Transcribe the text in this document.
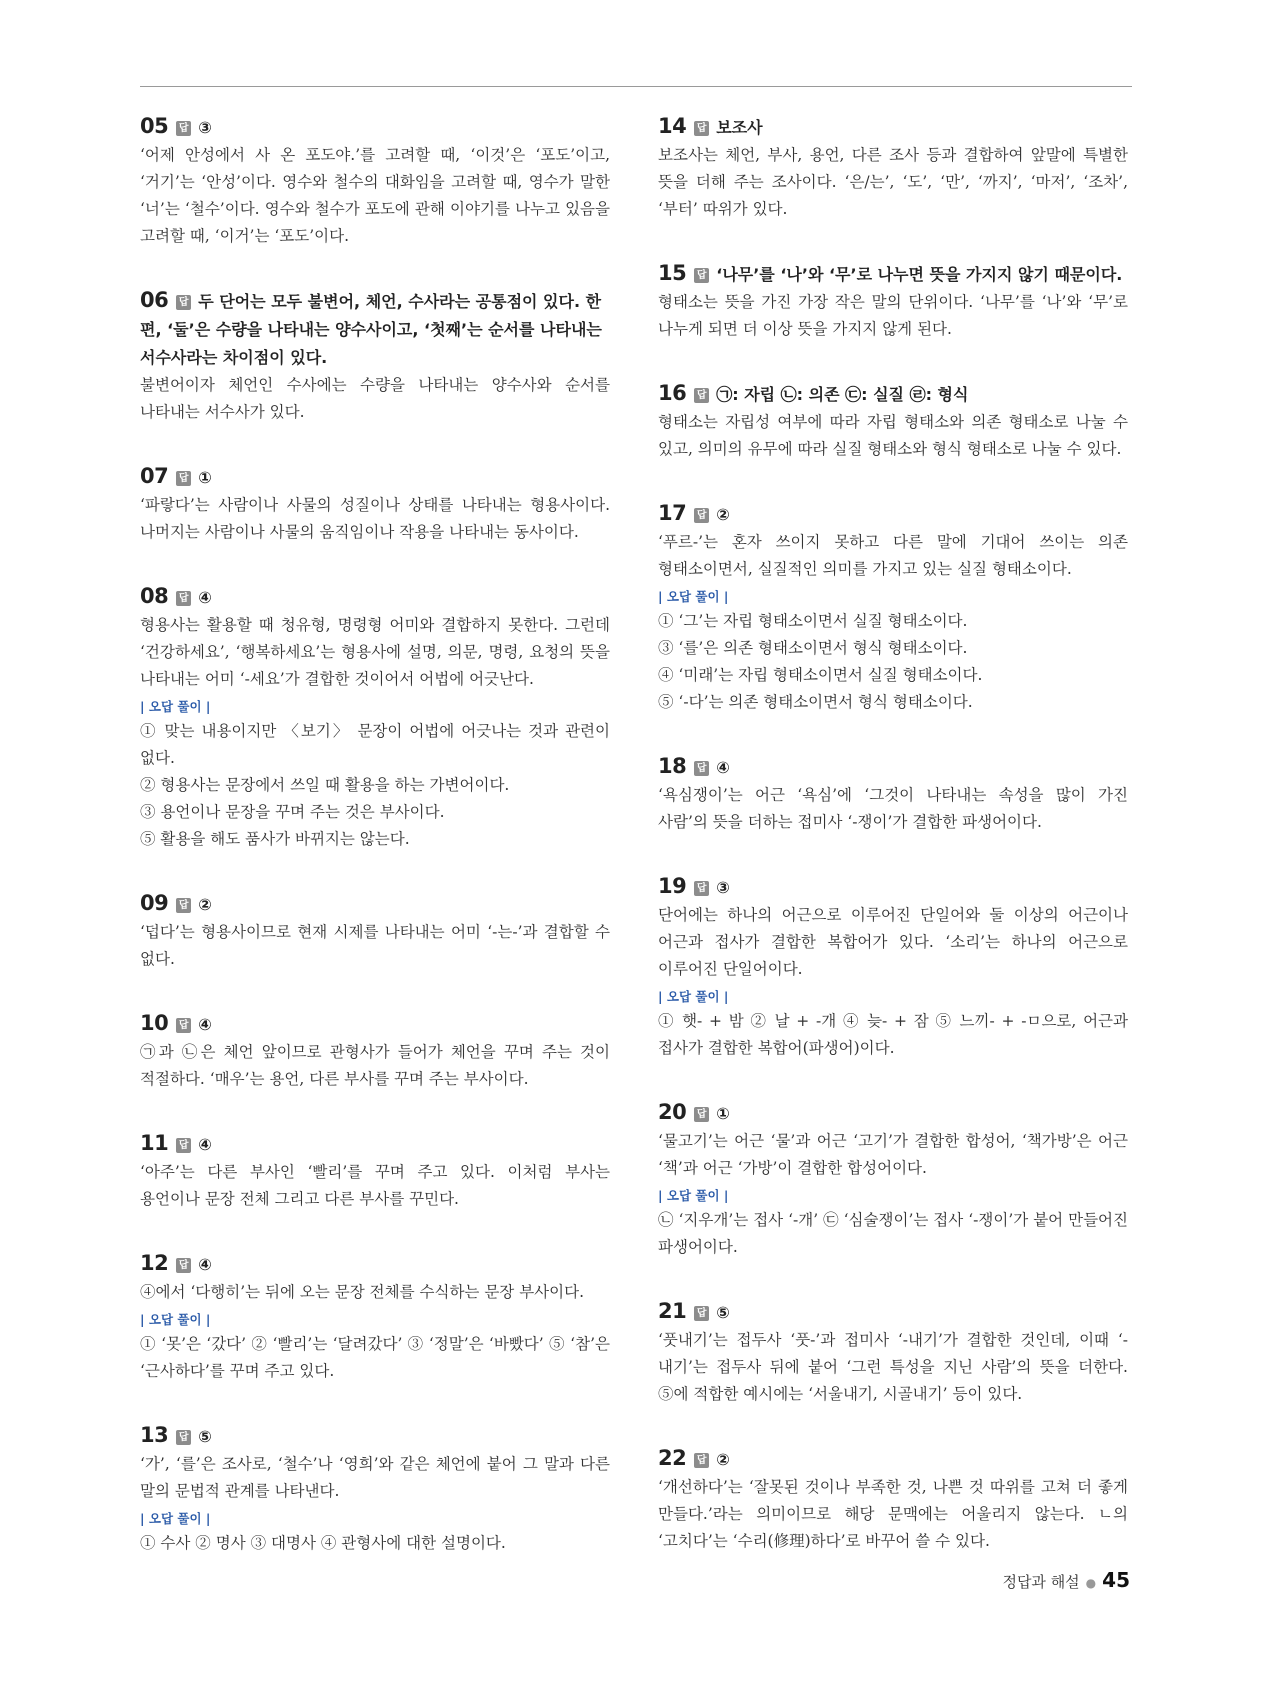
05 답 ③
‘어제 안성에서 사 온 포도야.’를 고려할 때, ‘이것’은 ‘포도’이고, ‘거기’는 ‘안성’이다. 영수와 철수의 대화임을 고려할 때, 영수가 말한 ‘너’는 ‘철수’이다. 영수와 철수가 포도에 관해 이야기를 나누고 있음을 고려할 때, ‘이거’는 ‘포도’이다.
06 답 두 단어는 모두 불변어, 체언, 수사라는 공통점이 있다. 한편, ‘둘’은 수량을 나타내는 양수사이고, ‘첫째’는 순서를 나타내는 서수사라는 차이점이 있다.
불변어이자 체언인 수사에는 수량을 나타내는 양수사와 순서를 나타내는 서수사가 있다.
07 답 ①
‘파랗다’는 사람이나 사물의 성질이나 상태를 나타내는 형용사이다. 나머지는 사람이나 사물의 움직임이나 작용을 나타내는 동사이다.
08 답 ④
형용사는 활용할 때 청유형, 명령형 어미와 결합하지 못한다. 그런데 ‘건강하세요’, ‘행복하세요’는 형용사에 설명, 의문, 명령, 요청의 뜻을 나타내는 어미 ‘-세요’가 결합한 것이어서 어법에 어긋난다.
| 오답 풀이 |
① 맞는 내용이지만 〈보기〉 문장이 어법에 어긋나는 것과 관련이 없다.
② 형용사는 문장에서 쓰일 때 활용을 하는 가변어이다.
③ 용언이나 문장을 꾸며 주는 것은 부사이다.
⑤ 활용을 해도 품사가 바뀌지는 않는다.
09 답 ②
‘덥다’는 형용사이므로 현재 시제를 나타내는 어미 ‘-는-’과 결합할 수 없다.
10 답 ④
㉠과 ㉡은 체언 앞이므로 관형사가 들어가 체언을 꾸며 주는 것이 적절하다. ‘매우’는 용언, 다른 부사를 꾸며 주는 부사이다.
11 답 ④
‘아주’는 다른 부사인 ‘빨리’를 꾸며 주고 있다. 이처럼 부사는 용언이나 문장 전체 그리고 다른 부사를 꾸민다.
12 답 ④
④에서 ‘다행히’는 뒤에 오는 문장 전체를 수식하는 문장 부사이다.
| 오답 풀이 |
① ‘못’은 ‘갔다’ ② ‘빨리’는 ‘달려갔다’ ③ ‘정말’은 ‘바빴다’ ⑤ ‘참’은 ‘근사하다’를 꾸며 주고 있다.
13 답 ⑤
‘가’, ‘를’은 조사로, ‘철수’나 ‘영희’와 같은 체언에 붙어 그 말과 다른 말의 문법적 관계를 나타낸다.
| 오답 풀이 |
① 수사 ② 명사 ③ 대명사 ④ 관형사에 대한 설명이다.
14 답 보조사
보조사는 체언, 부사, 용언, 다른 조사 등과 결합하여 앞말에 특별한 뜻을 더해 주는 조사이다. ‘은/는’, ‘도’, ‘만’, ‘까지’, ‘마저’, ‘조차’, ‘부터’ 따위가 있다.
15 답 ‘나무’를 ‘나’와 ‘무’로 나누면 뜻을 가지지 않기 때문이다.
형태소는 뜻을 가진 가장 작은 말의 단위이다. ‘나무’를 ‘나’와 ‘무’로 나누게 되면 더 이상 뜻을 가지지 않게 된다.
16 답 ㉠: 자립 ㉡: 의존 ㉢: 실질 ㉣: 형식
형태소는 자립성 여부에 따라 자립 형태소와 의존 형태소로 나눌 수 있고, 의미의 유무에 따라 실질 형태소와 형식 형태소로 나눌 수 있다.
17 답 ②
‘푸르-’는 혼자 쓰이지 못하고 다른 말에 기대어 쓰이는 의존 형태소이면서, 실질적인 의미를 가지고 있는 실질 형태소이다.
| 오답 풀이 |
① ‘그’는 자립 형태소이면서 실질 형태소이다.
③ ‘를’은 의존 형태소이면서 형식 형태소이다.
④ ‘미래’는 자립 형태소이면서 실질 형태소이다.
⑤ ‘-다’는 의존 형태소이면서 형식 형태소이다.
18 답 ④
‘욕심쟁이’는 어근 ‘욕심’에 ‘그것이 나타내는 속성을 많이 가진 사람’의 뜻을 더하는 접미사 ‘-쟁이’가 결합한 파생어이다.
19 답 ③
단어에는 하나의 어근으로 이루어진 단일어와 둘 이상의 어근이나 어근과 접사가 결합한 복합어가 있다. ‘소리’는 하나의 어근으로 이루어진 단일어이다.
| 오답 풀이 |
① 햇- + 밤 ② 날 + -개 ④ 늦- + 잠 ⑤ 느끼- + -ㅁ으로, 어근과 접사가 결합한 복합어(파생어)이다.
20 답 ①
‘물고기’는 어근 ‘물’과 어근 ‘고기’가 결합한 합성어, ‘책가방’은 어근 ‘책’과 어근 ‘가방’이 결합한 합성어이다.
| 오답 풀이 |
㉡ ‘지우개’는 접사 ‘-개’ ㉢ ‘심술쟁이’는 접사 ‘-쟁이’가 붙어 만들어진 파생어이다.
21 답 ⑤
‘풋내기’는 접두사 ‘풋-’과 접미사 ‘-내기’가 결합한 것인데, 이때 ‘-내기’는 접두사 뒤에 붙어 ‘그런 특성을 지닌 사람’의 뜻을 더한다. ⑤에 적합한 예시에는 ‘서울내기, 시골내기’ 등이 있다.
22 답 ②
‘개선하다’는 ‘잘못된 것이나 부족한 것, 나쁜 것 따위를 고쳐 더 좋게 만들다.’라는 의미이므로 해당 문맥에는 어울리지 않는다. ㄴ의 ‘고치다’는 ‘수리(修理)하다’로 바꾸어 쓸 수 있다.
정답과 해설 ● 45
